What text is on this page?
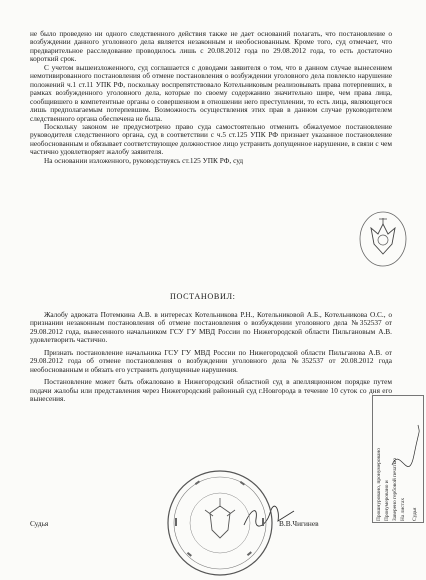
не было проведено ни одного следственного действия также не дает оснований полагать, что постановление о возбуждении данного уголовного дела является незаконным и необоснованным. Кроме того, суд отмечает, что предварительное расследование проводилось лишь с 20.08.2012 года по 29.08.2012 года, то есть достаточно короткий срок.

С учетом вышеизложенного, суд соглашается с доводами заявителя о том, что в данном случае вынесением немотивированного постановления об отмене постановления о возбуждении уголовного дела повлекло нарушение положений ч.1 ст.11 УПК РФ, поскольку воспрепятствовало Котельниковым реализовывать права потерпевших, в рамках возбужденного уголовного дела, которые по своему содержанию значительно шире, чем права лица, сообщившего в компетентные органы о совершенном в отношении него преступлении, то есть лица, являющегося лишь предполагаемым потерпевшим. Возможность осуществления этих прав в данном случае руководителем следственного органа обеспечена не была.

Поскольку законом не предусмотрено право суда самостоятельно отменить обжалуемое постановление руководителя следственного органа, суд в соответствии с ч.5 ст.125 УПК РФ признает указанное постановление необоснованным и обязывает соответствующее должностное лицо устранить допущенное нарушение, в связи с чем частично удовлетворяет жалобу заявителя.

На основании изложенного, руководствуясь ст.125 УПК РФ, суд

ПОСТАНОВИЛ:

Жалобу адвоката Потемкина А.В. в интересах Котельникова Р.Н., Котельниковой А.Б., Котельникова О.С., о признании незаконным постановления об отмене постановления о возбуждении уголовного дела №352537 от 29.08.2012 года, вынесенного начальником ГСУ ГУ МВД России по Нижегородской области Пильгановым А.В. удовлетворить частично.

Признать постановление начальника ГСУ ГУ МВД России по Нижегородской области Пильганова А.В. от 29.08.2012 года об отмене постановления о возбуждении уголовного дела №352537 от 20.08.2012 года необоснованным и обязать его устранить допущенные нарушения.

Постановление может быть обжаловано в Нижегородский областной суд в апелляционном порядке путем подачи жалобы или представления через Нижегородский районный суд г.Новгорода в течение 10 суток со дня его вынесения.

Судья	В.В.Чигинев
Прошнуровано, пронумеровано Пронумеровано и Заверено гербовой печатью На листах Судья
